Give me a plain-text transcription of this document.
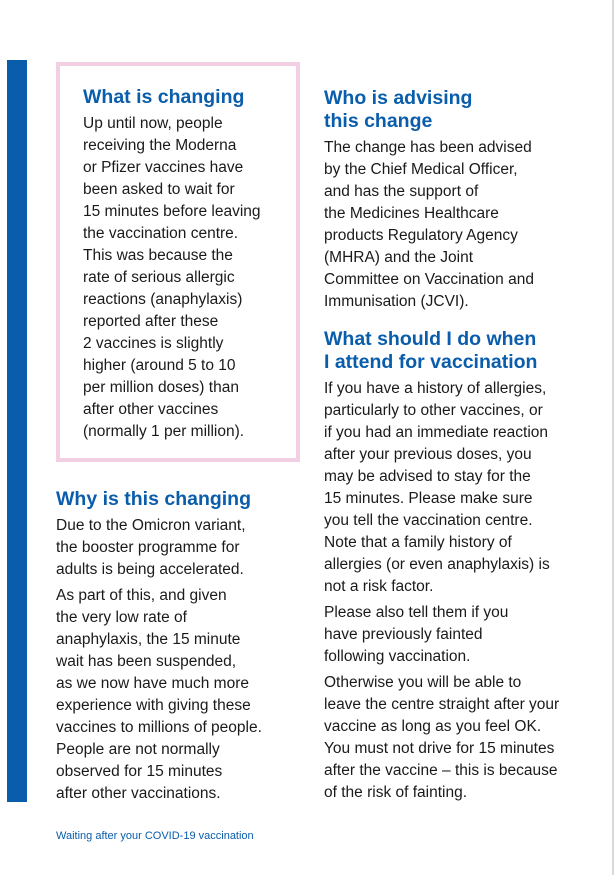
What is changing

Up until now, people
receiving the Moderna
or Pfizer vaccines have
been asked to wait for
15 minutes before leaving
the vaccination centre.
This was because the
rate of serious allergic
reactions (anaphylaxis)
reported after these
2 vaccines is slightly
higher (around 5 to 10
per million doses) than
after other vaccines
(normally 1 per million).

Why is this changing

Due to the Omicron variant,
the booster programme for
adults is being accelerated.

As part of this, and given
the very low rate of
anaphylaxis, the 15 minute
wait has been suspended,
as we now have much more
experience with giving these
vaccines to millions of people.
People are not normally
observed for 15 minutes
after other vaccinations.

Who is advising
this change

The change has been advised
by the Chief Medical Officer,
and has the support of
the Medicines Healthcare
products Regulatory Agency
(MHRA) and the Joint
Committee on Vaccination and
Immunisation (JCVI).

What should I do when
I attend for vaccination

If you have a history of allergies,
particularly to other vaccines, or
if you had an immediate reaction
after your previous doses, you
may be advised to stay for the
15 minutes. Please make sure
you tell the vaccination centre.
Note that a family history of
allergies (or even anaphylaxis) is
not a risk factor.

Please also tell them if you
have previously fainted
following vaccination.

Otherwise you will be able to
leave the centre straight after your
vaccine as long as you feel OK.
You must not drive for 15 minutes
after the vaccine – this is because
of the risk of fainting.

Waiting after your COVID-19 vaccination
